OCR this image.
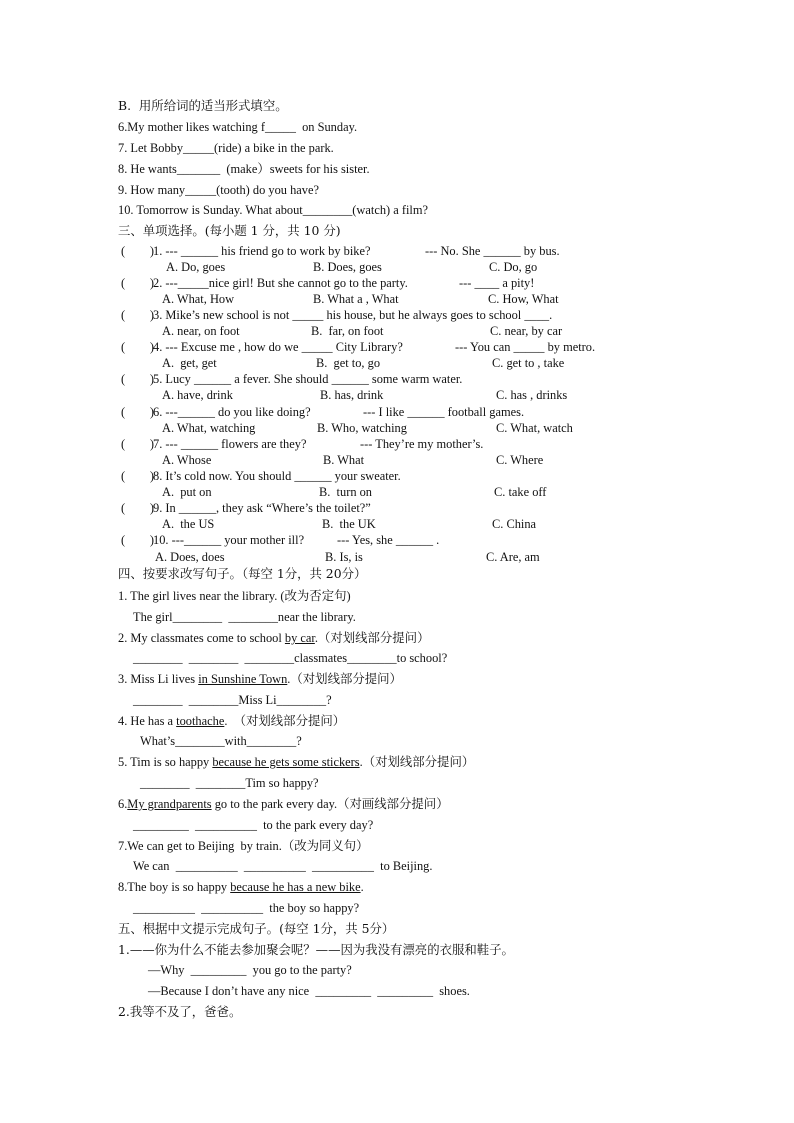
B.  用所给词的适当形式填空。
6.My mother likes watching f_____  on Sunday.
7. Let Bobby_____(ride) a bike in the park.
8. He wants_______  (make）sweets for his sister.
9. How many_____(tooth) do you have?
10. Tomorrow is Sunday. What about________(watch) a film?
三、单项选择。(每小题 1 分，共 10 分)
(        )
1. --- ______ his friend go to work by bike?	--- No. She ______ by bus.
A. Do, goes	B. Does, goes	C. Do, go
(        )
2. ---_____nice girl! But she cannot go to the party.	--- ____ a pity!
A. What, How	B. What a , What	C. How, What
(        )
3. Mike’s new school is not _____ his house, but he always goes to school ____.
A. near, on foot	B.  far, on foot	C. near, by car
(        )
4. --- Excuse me , how do we _____ City Library?	--- You can _____ by metro.
A.  get, get	B.  get to, go	C. get to , take
(        )
5. Lucy ______ a fever. She should ______ some warm water.
A. have, drink	B. has, drink	C. has , drinks
(        )
6. ---______ do you like doing?	--- I like ______ football games.
A. What, watching	B. Who, watching	C. What, watch
(        )
7. --- ______ flowers are they?	--- They’re my mother’s.
A. Whose	B. What	C. Where
(        )
8. It’s cold now. You should ______ your sweater.
A.  put on	B.  turn on	C. take off
(        )
9. In ______, they ask “Where’s the toilet?”
A.  the US	B.  the UK	C. China
(        )
10. ---______ your mother ill?	--- Yes, she ______ .
A. Does, does	B. Is, is	C. Are, am
四、按要求改写句子。（每空 1分，共 20分）
1. The girl lives near the library. (改为否定句)
The girl________  ________near the library.
2. My classmates come to school by car.（对划线部分提问）
________  ________  ________classmates________to school?
3. Miss Li lives in Sunshine Town.（对划线部分提问）
________  ________Miss Li________?
4. He has a toothache.  （对划线部分提问）
What’s________with________?
5. Tim is so happy because he gets some stickers.（对划线部分提问）
________  ________Tim so happy?
6.My grandparents go to the park every day.（对画线部分提问）
_________  __________  to the park every day?
7.We can get to Beijing  by train.（改为同义句）
We can  __________  __________  __________  to Beijing.
8.The boy is so happy because he has a new bike.
__________  __________  the boy so happy?
五、根据中文提示完成句子。(每空 1分，共 5分）
1.——你为什么不能去参加聚会呢？——因为我没有漂亮的衣服和鞋子。
—Why  _________  you go to the party?
—Because I don’t have any nice  _________  _________  shoes.
2.我等不及了，爸爸。
